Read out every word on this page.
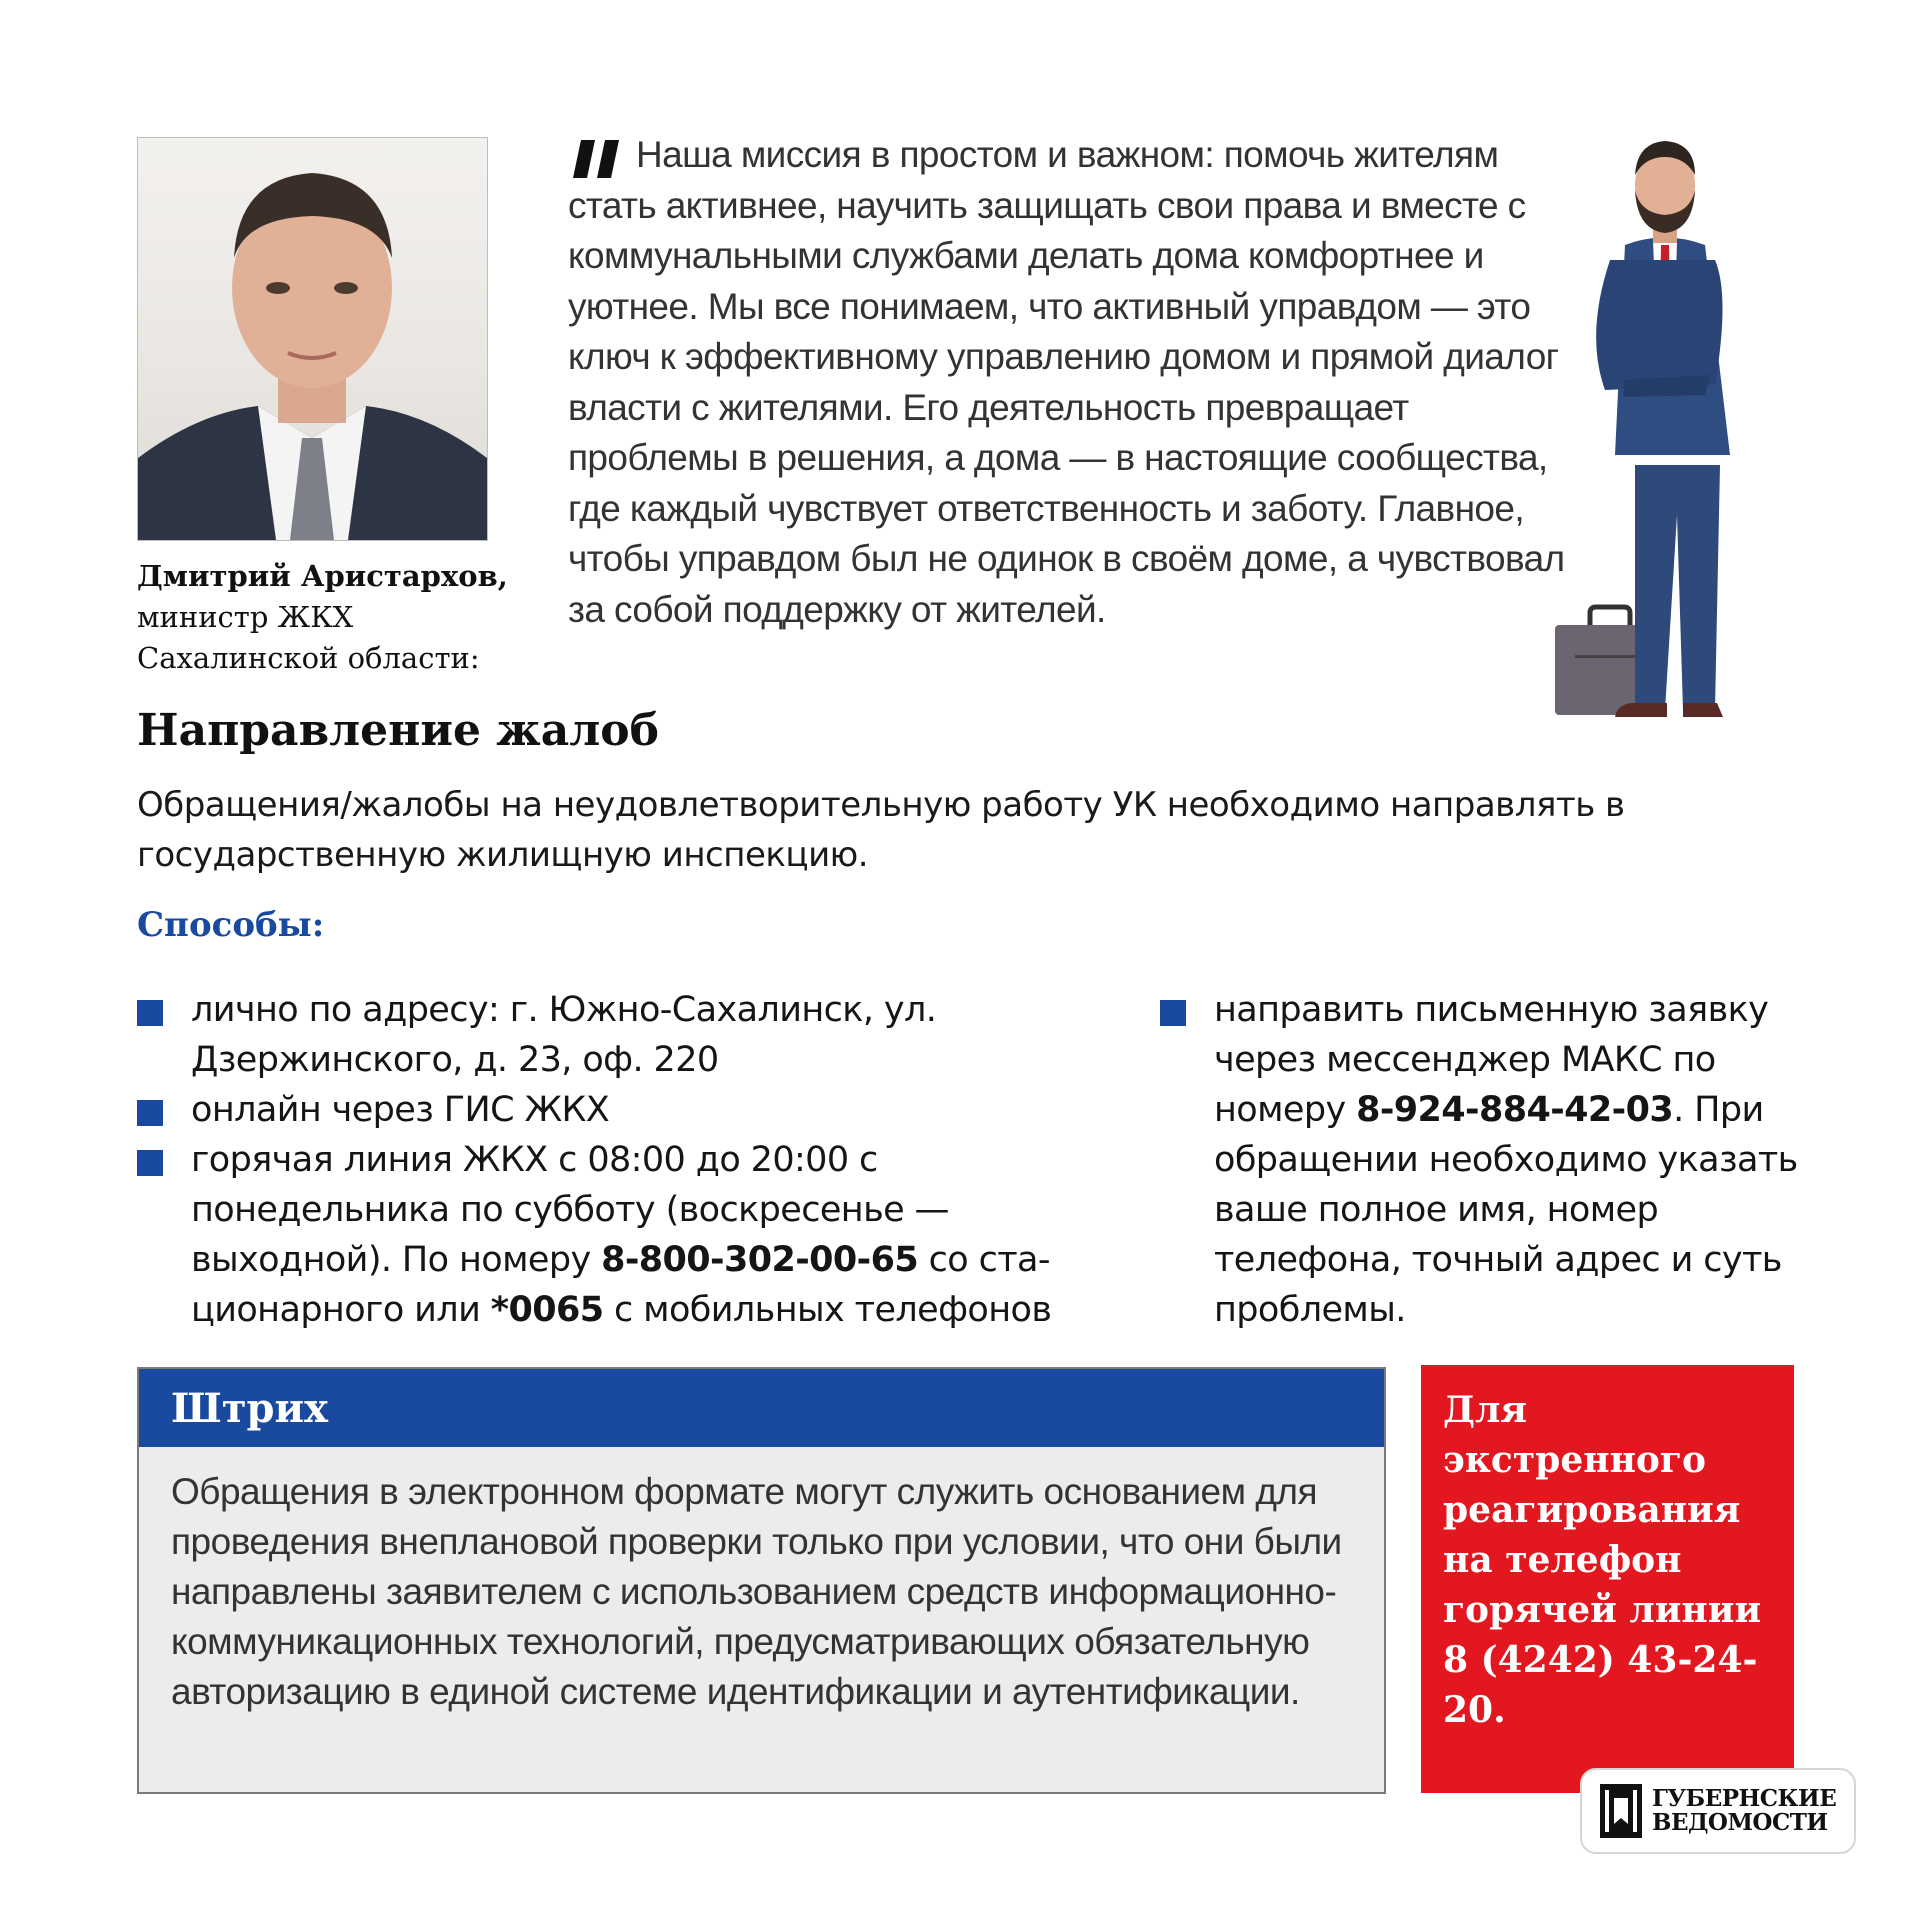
Дмитрий Аристархов,
министр ЖКХ
Сахалинской области:

Наша миссия в простом и важном: помочь жителям стать активнее, научить защищать свои права и вместе с коммунальными службами делать дома комфортнее и уютнее. Мы все понимаем, что активный управдом — это ключ к эффективному управлению домом и прямой диалог власти с жителями. Его деятельность превращает проблемы в решения, а дома — в настоящие сообщества, где каждый чувствует ответственность и заботу. Главное, чтобы управдом был не одинок в своём доме, а чувствовал за собой поддержку от жителей.

Направление жалоб
Обращения/жалобы на неудовлетворительную работу УК необходимо направлять в государственную жилищную инспекцию.
Способы:
лично по адресу: г. Южно-Сахалинск, ул. Дзержинского, д. 23, оф. 220
онлайн через ГИС ЖКХ
горячая линия ЖКХ с 08:00 до 20:00 с понедельника по субботу (воскресенье — выходной). По номеру 8-800-302-00-65 со стационарного или *0065 с мобильных телефонов
направить письменную заявку через мессенджер МАКС по номеру 8-924-884-42-03. При обращении необходимо указать ваше полное имя, номер телефона, точный адрес и суть проблемы.
Штрих
Обращения в электронном формате могут служить основанием для проведения внеплановой проверки только при условии, что они были направлены заявителем с использованием средств информационно-коммуникационных технологий, предусматривающих обязательную авторизацию в единой системе идентификации и аутентификации.
Для экстренного реагирования на телефон горячей линии 8 (4242) 43-24-20.
ГУБЕРНСКИЕ
ВЕДОМОСТИ
